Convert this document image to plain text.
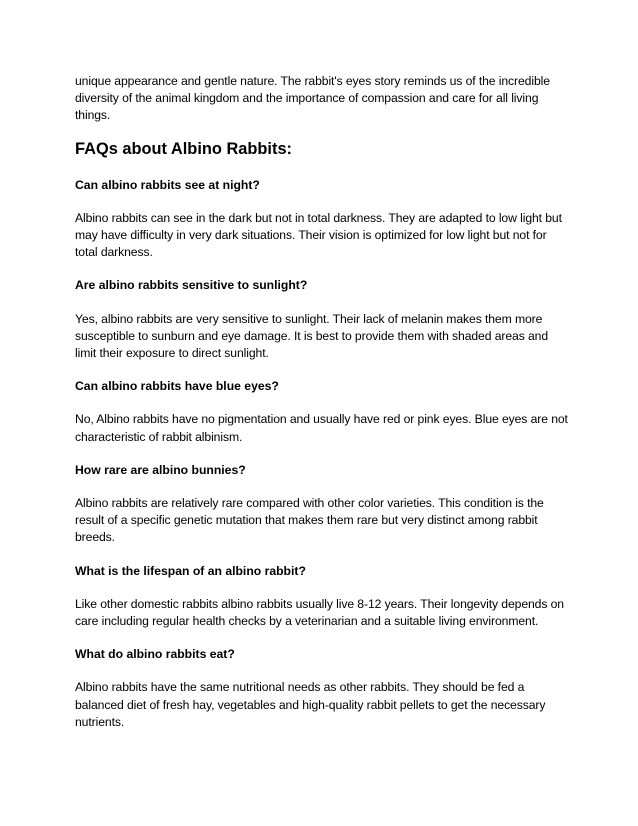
unique appearance and gentle nature. The rabbit's eyes story reminds us of the incredible diversity of the animal kingdom and the importance of compassion and care for all living things.

FAQs about Albino Rabbits:

Can albino rabbits see at night?

Albino rabbits can see in the dark but not in total darkness. They are adapted to low light but may have difficulty in very dark situations. Their vision is optimized for low light but not for total darkness.

Are albino rabbits sensitive to sunlight?

Yes, albino rabbits are very sensitive to sunlight. Their lack of melanin makes them more susceptible to sunburn and eye damage. It is best to provide them with shaded areas and limit their exposure to direct sunlight.

Can albino rabbits have blue eyes?

No, Albino rabbits have no pigmentation and usually have red or pink eyes. Blue eyes are not characteristic of rabbit albinism.

How rare are albino bunnies?

Albino rabbits are relatively rare compared with other color varieties. This condition is the result of a specific genetic mutation that makes them rare but very distinct among rabbit breeds.

What is the lifespan of an albino rabbit?

Like other domestic rabbits albino rabbits usually live 8-12 years. Their longevity depends on care including regular health checks by a veterinarian and a suitable living environment.

What do albino rabbits eat?

Albino rabbits have the same nutritional needs as other rabbits. They should be fed a balanced diet of fresh hay, vegetables and high-quality rabbit pellets to get the necessary nutrients.
